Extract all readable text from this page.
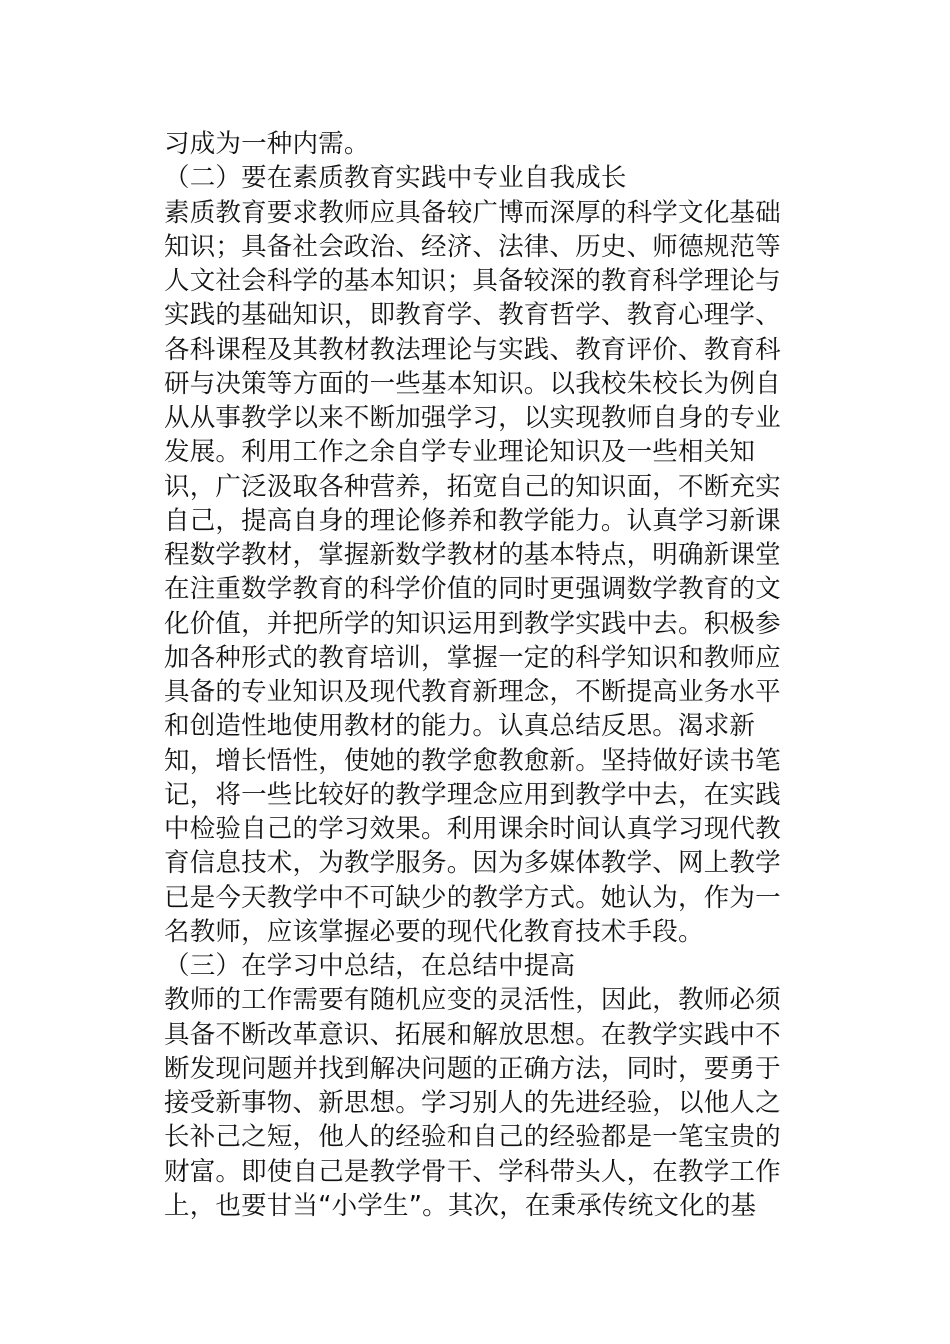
习成为一种内需。
（二）要在素质教育实践中专业自我成长
素质教育要求教师应具备较广博而深厚的科学文化基础
知识；具备社会政治、经济、法律、历史、师德规范等
人文社会科学的基本知识；具备较深的教育科学理论与
实践的基础知识，即教育学、教育哲学、教育心理学、
各科课程及其教材教法理论与实践、教育评价、教育科
研与决策等方面的一些基本知识。以我校朱校长为例自
从从事教学以来不断加强学习，以实现教师自身的专业
发展。利用工作之余自学专业理论知识及一些相关知
识，广泛汲取各种营养，拓宽自己的知识面，不断充实
自己，提高自身的理论修养和教学能力。认真学习新课
程数学教材，掌握新数学教材的基本特点，明确新课堂
在注重数学教育的科学价值的同时更强调数学教育的文
化价值，并把所学的知识运用到教学实践中去。积极参
加各种形式的教育培训，掌握一定的科学知识和教师应
具备的专业知识及现代教育新理念，不断提高业务水平
和创造性地使用教材的能力。认真总结反思。渴求新
知，增长悟性，使她的教学愈教愈新。坚持做好读书笔
记，将一些比较好的教学理念应用到教学中去，在实践
中检验自己的学习效果。利用课余时间认真学习现代教
育信息技术，为教学服务。因为多媒体教学、网上教学
已是今天教学中不可缺少的教学方式。她认为，作为一
名教师，应该掌握必要的现代化教育技术手段。
（三）在学习中总结，在总结中提高
教师的工作需要有随机应变的灵活性，因此，教师必须
具备不断改革意识、拓展和解放思想。在教学实践中不
断发现问题并找到解决问题的正确方法，同时，要勇于
接受新事物、新思想。学习别人的先进经验，以他人之
长补己之短，他人的经验和自己的经验都是一笔宝贵的
财富。即使自己是教学骨干、学科带头人，在教学工作
上，也要甘当“小学生”。其次，在秉承传统文化的基
